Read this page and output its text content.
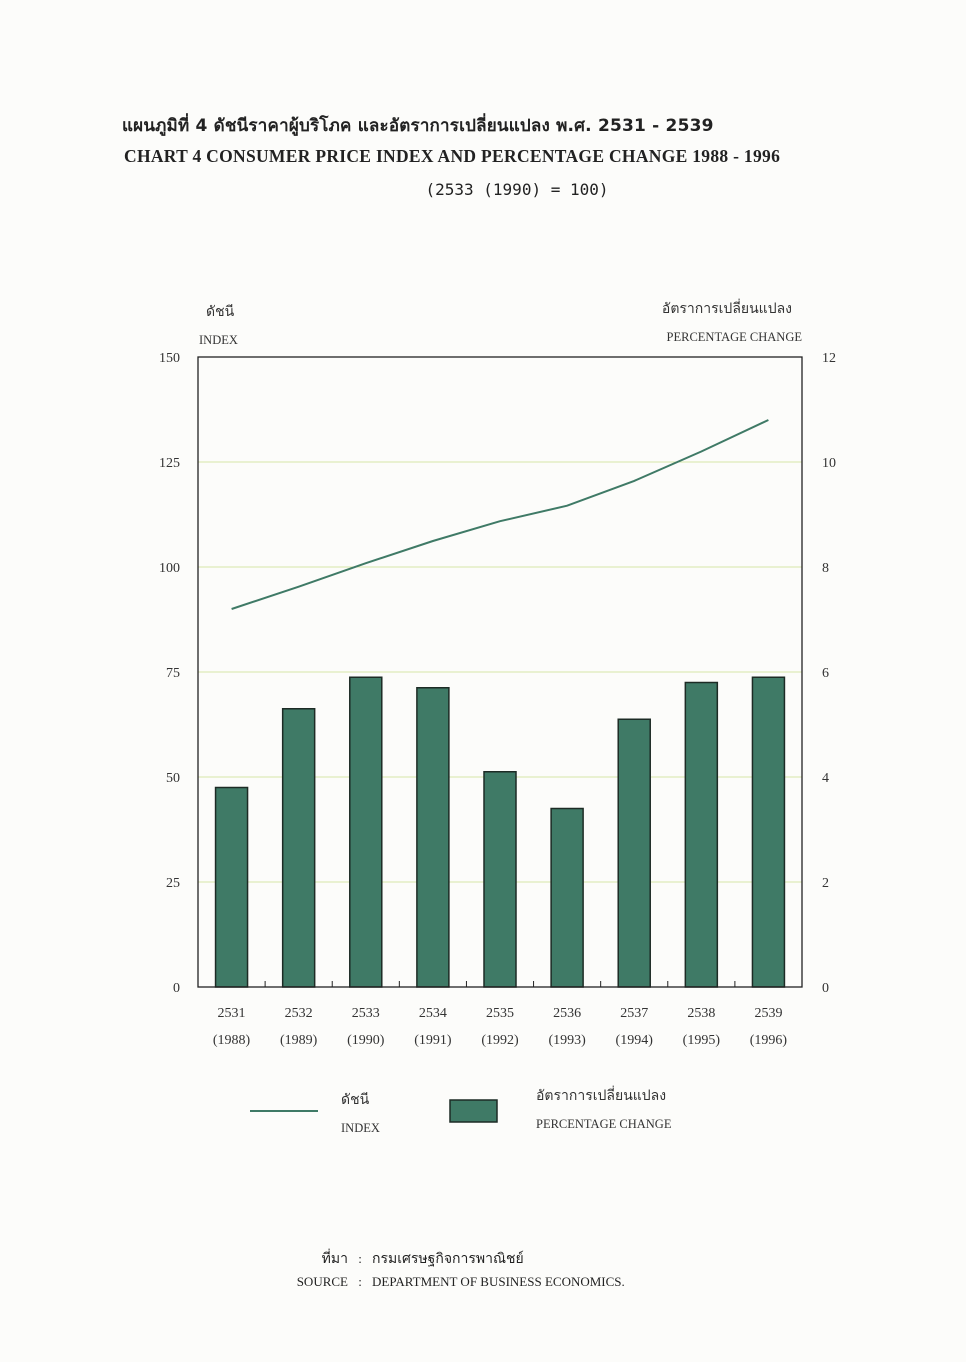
แผนภูมิที่ 4 ดัชนีราคาผู้บริโภค และอัตราการเปลี่ยนแปลง พ.ศ. 2531 - 2539
CHART 4 CONSUMER PRICE INDEX AND PERCENTAGE CHANGE 1988 - 1996
(2533 (1990) = 100)
0
25
50
75
100
125
150
0
2
4
6
8
10
12
2531
(1988)
2532
(1989)
2533
(1990)
2534
(1991)
2535
(1992)
2536
(1993)
2537
(1994)
2538
(1995)
2539
(1996)
ดัชนี
INDEX
อัตราการเปลี่ยนแปลง
PERCENTAGE CHANGE
ดัชนี
INDEX
อัตราการเปลี่ยนแปลง
PERCENTAGE CHANGE
ที่มา : กรมเศรษฐกิจการพาณิชย์
SOURCE : DEPARTMENT OF BUSINESS ECONOMICS.
